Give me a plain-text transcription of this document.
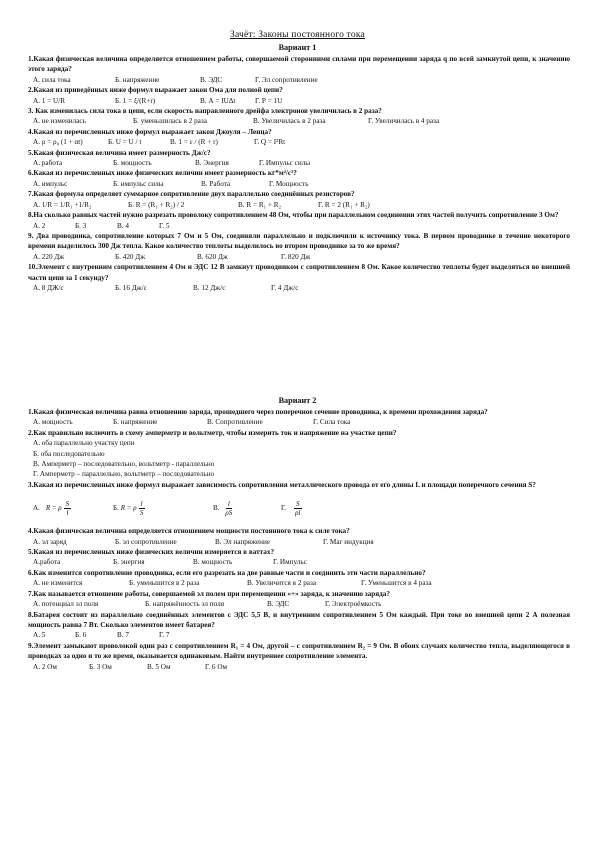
Зачёт: Законы постоянного тока
Вариант 1

1.Какая физическая величина определяется отношением работы, совершаемой сторонними силами при перемещении заряда q по всей замкнутой цепи, к значению этого заряда?

А. сила тока	Б. напряжение	В. ЭДС	Г. Эл сопротивление

2.Какая из приведённых ниже формул выражает закон Ома для полной цепи?

А. 1 = U/R	Б. 1 = ξ/(R+r)	В. А = IUΔt	Г. Р = 1U

3. Как изменилась сила тока в цепи, если скорость направленного дрейфа электронов увеличилась в 2 раза?

А. не изменилась	Б. уменьшилась в 2 раза	В. Увеличилась в 2 раза	Г. Увеличилась в 4 раза

4.Какая из перечисленных ниже формул выражает закон Джоуля – Ленца?

А. ρ = ρ₀ (1 + αt)	Б. U = U / t	В. 1 = ε / (R + r)	Г. Q = I²Rt

5.Какая физическая величина имеет размерность Дж/с?

А. работа	Б. мощность	В. Энергия	Г. Импульс силы

6.Какая из перечисленных ниже физических величин имеет размерность кг*м²/с²?

А. импульс	Б. импульс силы	В. Работа	Г. Мощность

7.Какая формула определяет суммарное сопротивление двух параллельно соединённых резисторов?

А. 1/R = 1/R₁ +1/R₂	Б. R = (R₁ + R₂) / 2	В. R = R₁ + R₂	Г. R = 2 (R₁ + R₂)

8.На сколько равных частей нужно разрезать проволоку сопротивлением 48 Ом, чтобы при параллельном соединении этих частей получить сопротивление 3 Ом?

А. 2	Б. 3	В. 4	Г. 5

9. Два проводника, сопротивление которых 7 Ом и 5 Ом, соединяли параллельно и подключили к источнику тока. В первом проводнике в течение некоторого времени выделилось 300 Дж тепла. Какое количество теплоты выделилось во втором проводнике за то же время?

А. 220 Дж	Б. 420 Дж	В. 620 Дж	Г. 820 Дж

10.Элемент с внутренним сопротивлением 4 Ом и ЭДС 12 В замкнут проводником с сопротивлением 8 Ом. Какое количество теплоты будет выделяться во внешней части цепи за 1 секунду?

А. 8 ДЖ/с	Б. 16 Дж/с	В. 12 Дж/с	Г. 4 Дж/с
Вариант 2

1.Какая физическая величина равна отношению заряда, прошедшего через поперечное сечение проводника, к времени прохождения заряда?

А. мощность	Б. напряжение	В. Сопротивление	Г. Сила тока

2.Как правильно включить в схему амперметр и вольтметр, чтобы измерить ток и напряжение на участке цепи?

А. оба параллельно участку цепи
Б. оба последовательно
В. Амперметр – последовательно, вольтметр - параллельно
Г. Амперметр – параллельно, вольтметр – последовательно

3.Какая из перечисленных ниже формул выражает зависимость сопротивления металлического провода от его длины L и площади поперечного сечения S?

А. R = ρ $\frac{S}{l}$	Б. R = ρ $\frac{l}{S}$	В. $\frac{l}{\rho S}$	Г. $\frac{S}{\rho l}$

4.Какая физическая величина определяется отношением мощности постоянного тока к силе тока?

А. эл заряд	Б. эл сопротивление	В. Эл напряжение	Г. Маг индукция

5.Какая из перечисленных ниже физических величин измеряется в ваттах?

А.работа	Б. энергия	В. мощность	Г. Импульс

6.Как изменится сопротивление проводника, если его разрезать на две равные части и соединить эти части параллельно?

А. не изменится	Б. уменьшится в 2 раза	В. Увеличится в 2 раза	Г. Уменьшится в 4 раза

7.Как называется отношение работы, совершаемой эл полем при перемещении «+» заряда, к значению заряда?

А. потенциал эл поля	Б. напряжённость эл поля	В. ЭДС	Г. Электроёмкость

8.Батарея состоит из параллельно соединённых элементов с ЭДС 5,5 В, и внутренним сопротивлением 5 Ом каждый. При токе во внешней цепи 2 А полезная мощность равна 7 Вт. Сколько элементов имеет батарея?

А. 5	Б. 6	В. 7	Г. 7

9.Элемент замыкают проволокой один раз с сопротивлением R₁ = 4 Ом, другой – с сопротивлением R₂ = 9 Ом. В обоих случаях количество тепла, выделяющегося в проводках за одно и то же время, оказывается одинаковым. Найти внутреннее сопротивление элемента.

А. 2 Ом	Б. 3 Ом	В. 5 Ом	Г. 6 Ом
